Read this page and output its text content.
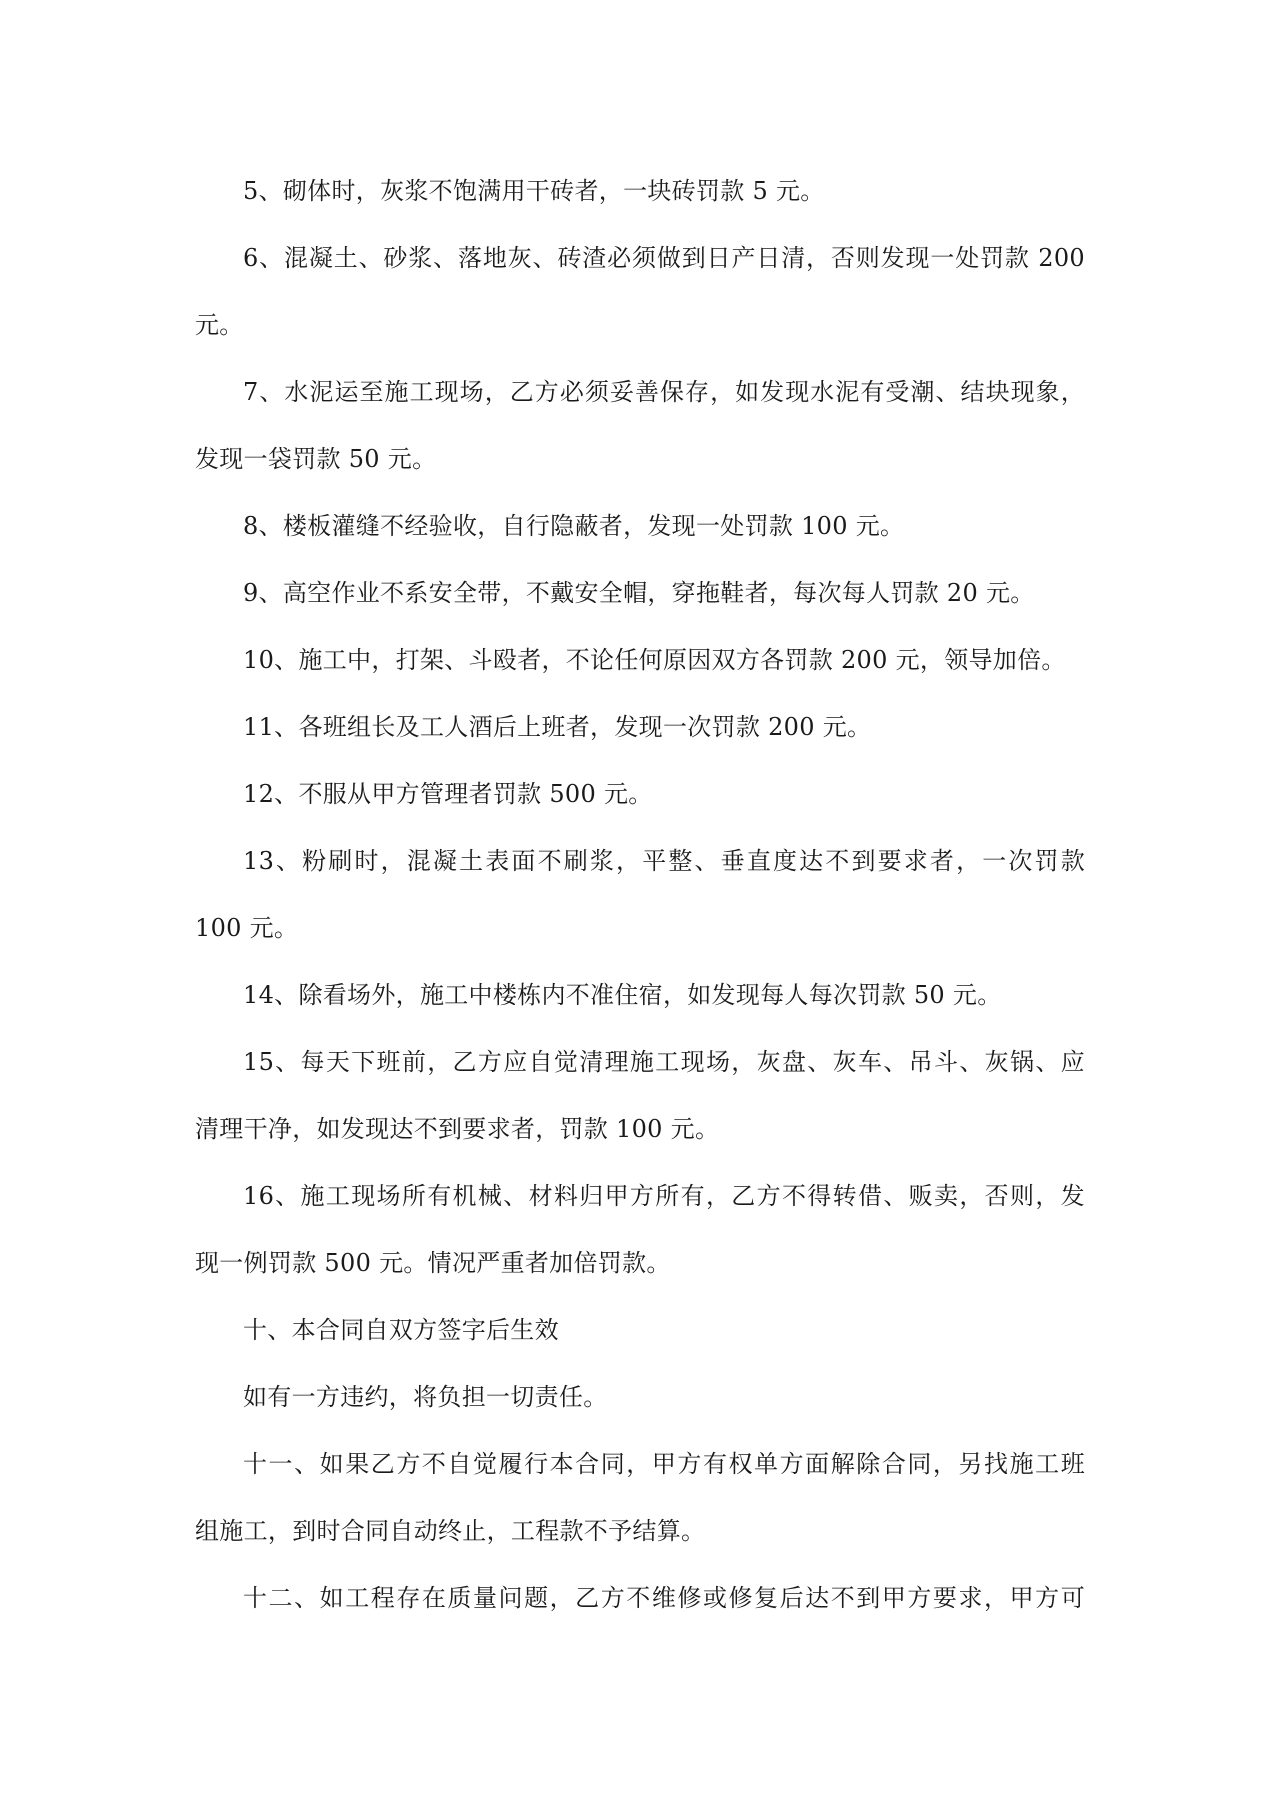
5、砌体时，灰浆不饱满用干砖者，一块砖罚款 5 元。
6、混凝土、砂浆、落地灰、砖渣必须做到日产日清，否则发现一处罚款 200
元。
7、水泥运至施工现场，乙方必须妥善保存，如发现水泥有受潮、结块现象，
发现一袋罚款 50 元。
8、楼板灌缝不经验收，自行隐蔽者，发现一处罚款 100 元。
9、高空作业不系安全带，不戴安全帽，穿拖鞋者，每次每人罚款 20 元。
10、施工中，打架、斗殴者，不论任何原因双方各罚款 200 元，领导加倍。
11、各班组长及工人酒后上班者，发现一次罚款 200 元。
12、不服从甲方管理者罚款 500 元。
13、粉刷时，混凝土表面不刷浆，平整、垂直度达不到要求者，一次罚款
100 元。
14、除看场外，施工中楼栋内不准住宿，如发现每人每次罚款 50 元。
15、每天下班前，乙方应自觉清理施工现场，灰盘、灰车、吊斗、灰锅、应
清理干净，如发现达不到要求者，罚款 100 元。
16、施工现场所有机械、材料归甲方所有，乙方不得转借、贩卖，否则，发
现一例罚款 500 元。情况严重者加倍罚款。
十、本合同自双方签字后生效
如有一方违约，将负担一切责任。
十一、如果乙方不自觉履行本合同，甲方有权单方面解除合同，另找施工班
组施工，到时合同自动终止，工程款不予结算。
十二、如工程存在质量问题，乙方不维修或修复后达不到甲方要求，甲方可
